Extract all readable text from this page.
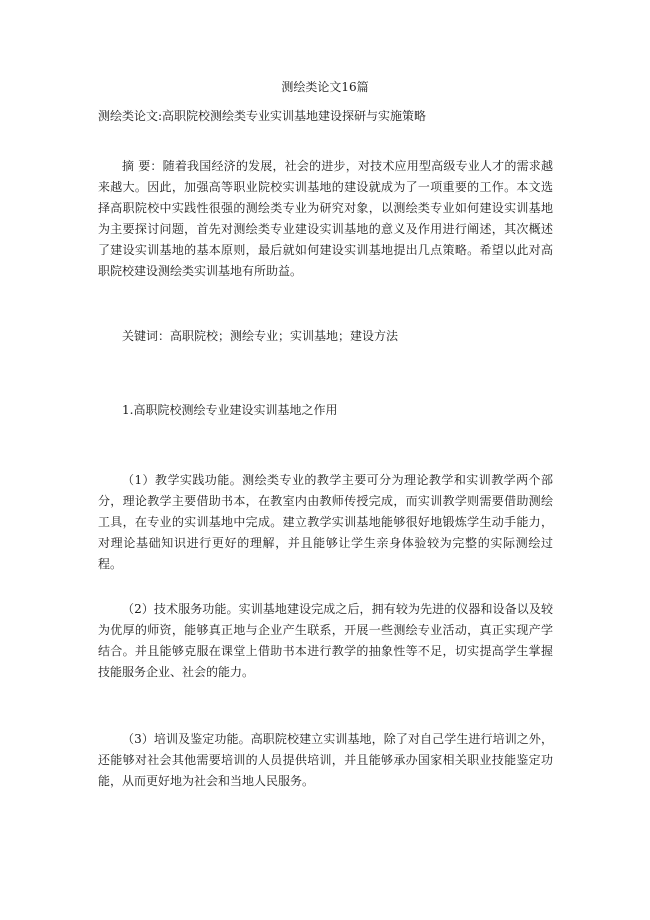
测绘类论文16篇
测绘类论文:高职院校测绘类专业实训基地建设探研与实施策略

摘 要：随着我国经济的发展，社会的进步，对技术应用型高级专业人才的需求越来越大。因此，加强高等职业院校实训基地的建设就成为了一项重要的工作。本文选择高职院校中实践性很强的测绘类专业为研究对象，以测绘类专业如何建设实训基地为主要探讨问题，首先对测绘类专业建设实训基地的意义及作用进行阐述，其次概述了建设实训基地的基本原则，最后就如何建设实训基地提出几点策略。希望以此对高职院校建设测绘类实训基地有所助益。

关键词：高职院校；测绘专业；实训基地；建设方法

1.高职院校测绘专业建设实训基地之作用

（1）教学实践功能。测绘类专业的教学主要可分为理论教学和实训教学两个部分，理论教学主要借助书本，在教室内由教师传授完成，而实训教学则需要借助测绘工具，在专业的实训基地中完成。建立教学实训基地能够很好地锻炼学生动手能力，对理论基础知识进行更好的理解，并且能够让学生亲身体验较为完整的实际测绘过程。

（2）技术服务功能。实训基地建设完成之后，拥有较为先进的仪器和设备以及较为优厚的师资，能够真正地与企业产生联系，开展一些测绘专业活动，真正实现产学结合。并且能够克服在课堂上借助书本进行教学的抽象性等不足，切实提高学生掌握技能服务企业、社会的能力。

（3）培训及鉴定功能。高职院校建立实训基地，除了对自己学生进行培训之外，还能够对社会其他需要培训的人员提供培训，并且能够承办国家相关职业技能鉴定功能，从而更好地为社会和当地人民服务。
